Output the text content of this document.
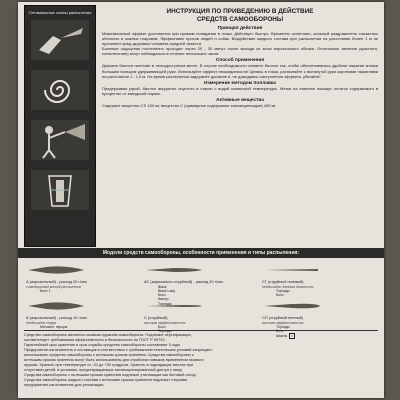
Оптимальные схемы распыления	ИНСТРУКЦИЯ ПО ПРИВЕДЕНИЮ В ДЕЙСТВИЕ
СРЕДСТВ САМООБОРОНЫ
Принцип действия
Максимальный эффект достигается при прямом попадании в глаза. Действует быстро. Временно ослепляет, сильный раздражитель слизистых оболочек и кожных покровов. Эффективно против людей и собак. Воздействие жидкого состава при распылении на расстоянии более 1 м не причиняет вред здоровью человека средней тяжести.
Болевые ощущения постепенно проходят через 20 - 30 минут после выхода из зоны аэрозольного облака. Остаточные явления (краснота, слезотечение) могут наблюдаться в течение нескольких часов.
Способ применения
Держите баллон наготове в легкодоступном месте. В случае необходимости снимите баллон так, чтобы обеспечивалась удобное нажатие кнопки большим пальцем удерживающей руки. Используйте эффект неожиданности! Целясь в глаза, распыляйте с вытянутой руки короткими нажатиями на расстоянии 1 - 1,5 м. На время распыления задержите дыхание и, не дожидаясь наступления эффекта, убегайте!
Измерение методом поплавка
Предержавая рукой, баллон аккуратно опустить в стакан с водой комнатной температуры. Метки на этикетке покажут остаток содержимого в процентах от заводской нормы.
Активные вещества
Содержит вещество CS 150 мг, вещество С (суммарное содержание капсаициноидов) 400 мг.
Модели средств самообороны, особенности применения и типы распыления:
А (аэрозольный) - расход 20 г/сек
стандартный метод распыления
Болт 1
АС (аэрозольно-струйный) - расход 20 г/сек
Black
Black Lady
Босс
Кактус
Торнадо
СГ (струйный гелевый)
необычайно далёкая дальность
Торнадо
Босс
А (аэрозольный) - расход 10 г/сек
необычайно струя
Мгновен. перцов.
С (струйный)
высокая эффективность
Босс
Торнадо
СП (струйный пенный)
высокая эффективность
Торнадо
Босс
Шмель ✓
Средство самообороны является газовым оружием самообороны. Подлежит сертификации,
соответствует требованиям эффективности и безопасности по ГОСТ Р 50743.
Гарантийный срок хранения и срок службы средства самообороны составляют 3 года.
Предприятие-изготовитель и поставщик в соответствии с требованием технических условий запрещает
использовать средство самообороны с истекшим сроком хранения. Средства самообороны с
истекшим сроком хранения могут быть использованы для отработки навыков применения газового
оружия. Хранить при температуре от -20 до +50 градусов. Хранить в подходящих местах при
отсутствии детей, в условиях, предотвращающих несанкционированный доступ к нему.
Средства самообороны с истекшим сроком хранения подлежат утилизации как бытовой отход.
Средства самообороны жидкого состава с истекшим сроком хранения подлежат отправке
предприятию-изготовителю для утилизации.
